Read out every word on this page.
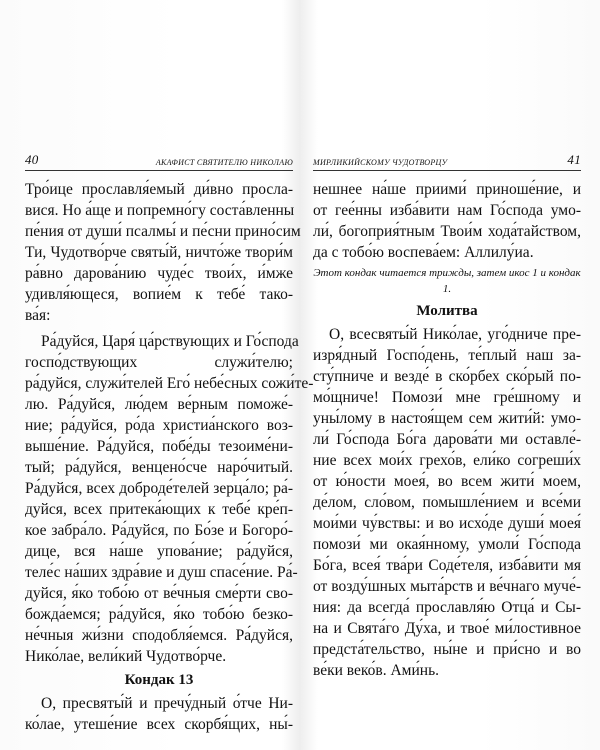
40	АКАФИСТ СВЯТИТЕЛЮ НИКОЛАЮ

Тро́ице прославля́емый ди́вно просла-
вися. Но а́ще и попремно́гу соста́вленны
пе́ния от души́ псалмы́ и пе́сни прино́сим
Ти, Чудотво́рче святы́й, ничто́же твори́м
ра́вно дарова́нию чуде́с твои́х, и́мже
удивля́ющеся, вопие́м к тебе́ тако-
ва́я:

Ра́дуйся, Царя́ ца́рствующих и Го́спода
госпо́дствующих служи́телю;
ра́дуйся, служи́телей Его́ небе́сных сожи́те-
лю. Ра́дуйся, лю́дем ве́рным поможе́-
ние; ра́дуйся, ро́да христиа́нского воз-
выше́ние. Ра́дуйся, побе́ды тезоиме́ни-
тый; ра́дуйся, венцено́сче наро́читый.
Ра́дуйся, всех доброде́телей зерца́ло; ра́-
дуйся, всех притека́ющих к тебе́ кре́п-
кое забра́ло. Ра́дуйся, по Бо́зе и Богоро́-
дице, вся на́ше упова́ние; ра́дуйся,
теле́с на́ших здра́вие и душ спасе́ние. Ра́-
дуйся, я́ко тобо́ю от ве́чныя сме́рти сво-
божда́емся; ра́дуйся, я́ко тобо́ю безко-
не́чныя жи́зни сподобля́емся. Ра́дуйся,
Нико́лае, вели́кий Чудотво́рче.

Кондак 13

О, пресвяты́й и пречу́дный о́тче Ни-
ко́лае, утеше́ние всех скорбя́щих, ны́-

МИРЛИКИЙСКОМУ ЧУДОТВОРЦУ	41

нешнее на́ше приими́ приноше́ние, и
от гее́нны изба́вити нам Го́спода умо-
ли́, богоприя́тным Твои́м хода́тайством,
да с тобо́ю воспева́ем: Аллилу́иа.

Этот кондак читается трижды, затем икос 1 и кондак 1.
Молитва

О, всесвяты́й Нико́лае, уго́дниче пре-
изря́дный Госпо́день, те́плый наш за-
сту́пниче и везде́ в ско́рбех ско́рый по-
мо́щниче! Помози́ мне гре́шному и
уны́лому в настоя́щем сем жити́й: умо-
ли́ Го́спода Бо́га дарова́ти ми оставле́-
ние всех мои́х грехо́в, ели́ко согреши́х
от ю́ности моея́, во всем жити́ моем,
де́лом, сло́вом, помышле́нием и все́ми
мои́ми чу́вствы: и во исхо́де души́ моея́
помози́ ми окая́нному, умоли́ Го́спода
Бо́га, всея́ тва́ри Соде́теля, изба́вити мя
от возду́шных мыта́рств и ве́чнаго муче́-
ния: да всегда́ прославля́ю Отца́ и Сы-
на и Свята́го Ду́ха, и твое́ ми́лостивное
предста́тельство, ны́не и при́сно и во
ве́ки веко́в. Ами́нь.
